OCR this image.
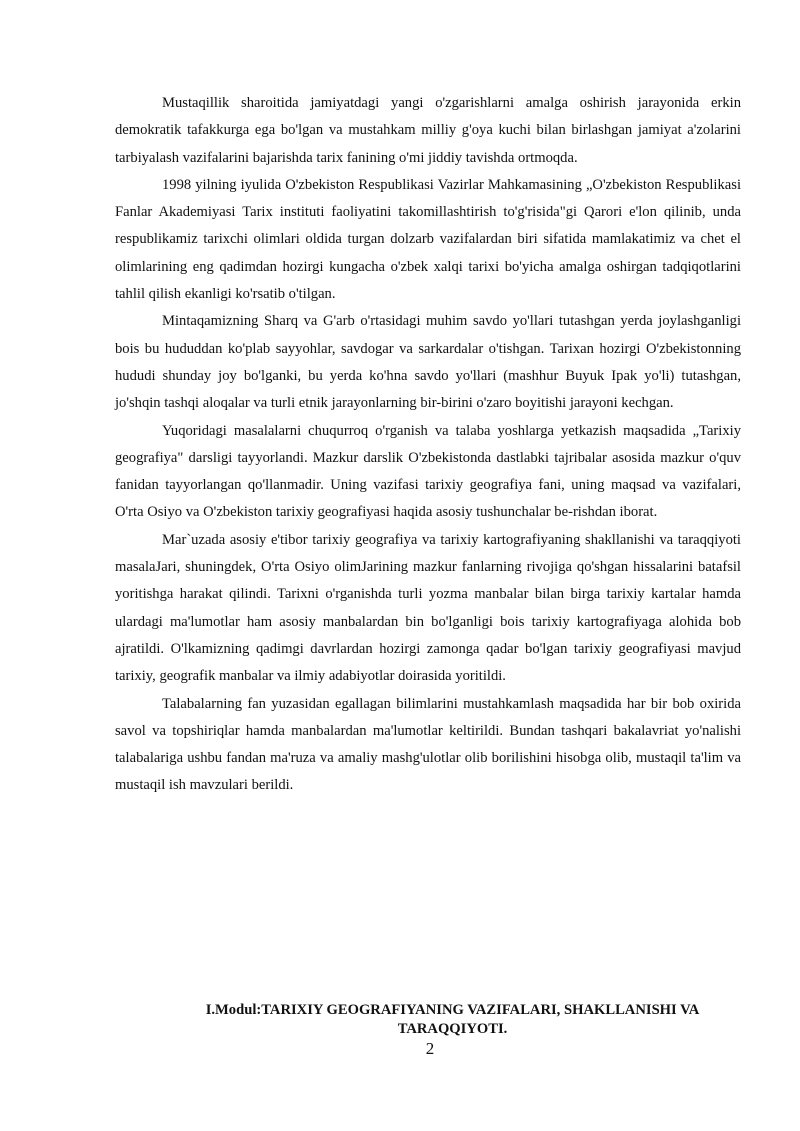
Mustaqillik sharoitida jamiyatdagi yangi o'zgarishlarni amalga oshirish jarayonida erkin demokratik tafakkurga ega bo'lgan va mustahkam milliy g'oya kuchi bilan birlashgan jamiyat a'zolarini tarbiyalash vazifalarini bajarishda tarix fanining o'mi jiddiy tavishda ortmoqda.

1998 yilning iyulida O'zbekiston Respublikasi Vazirlar Mahkamasining „O'zbekiston Respublikasi Fanlar Akademiyasi Tarix instituti faoliyatini takomillashtirish to'g'risida"gi Qarori e'lon qilinib, unda respublikamiz tarixchi olimlari oldida turgan dolzarb vazifalardan biri sifatida mamlakatimiz va chet el olimlarining eng qadimdan hozirgi kungacha o'zbek xalqi tarixi bo'yicha amalga oshirgan tadqiqotlarini tahlil qilish ekanligi ko'rsatib o'tilgan.

Mintaqamizning Sharq va G'arb o'rtasidagi muhim savdo yo'llari tutashgan yerda joylashganligi bois bu hududdan ko'plab sayyohlar, savdogar va sarkardalar o'tishgan. Tarixan hozirgi O'zbekistonning hududi shunday joy bo'lganki, bu yerda ko'hna savdo yo'llari (mashhur Buyuk Ipak yo'li) tutashgan, jo'shqin tashqi aloqalar va turli etnik jarayonlarning bir-birini o'zaro boyitishi jarayoni kechgan.

Yuqoridagi masalalarni chuqurroq o'rganish va talaba yoshlarga yetkazish maqsadida „Tarixiy geografiya" darsligi tayyorlandi. Mazkur darslik O'zbekistonda dastlabki tajribalar asosida mazkur o'quv fanidan tayyorlangan qo'llanmadir. Uning vazifasi tarixiy geografiya fani, uning maqsad va vazifalari, O'rta Osiyo va O'zbekiston tarixiy geografiyasi haqida asosiy tushunchalar be-rishdan iborat.

Mar`uzada asosiy e'tibor tarixiy geografiya va tarixiy kartografiyaning shakllanishi va taraqqiyoti masalaJari, shuningdek, O'rta Osiyo olimJarining mazkur fanlarning rivojiga qo'shgan hissalarini batafsil yoritishga harakat qilindi. Tarixni o'rganishda turli yozma manbalar bilan birga tarixiy kartalar hamda ulardagi ma'lumotlar ham asosiy manbalardan bin bo'lganligi bois tarixiy kartografiyaga alohida bob ajratildi. O'lkamizning qadimgi davrlardan hozirgi zamonga qadar bo'lgan tarixiy geografiyasi mavjud tarixiy, geografik manbalar va ilmiy adabiyotlar doirasida yoritildi.

Talabalarning fan yuzasidan egallagan bilimlarini mustahkamlash maqsadida har bir bob oxirida savol va topshiriqlar hamda manbalardan ma'lumotlar keltirildi. Bundan tashqari bakalavriat yo'nalishi talabalariga ushbu fandan ma'ruza va amaliy mashg'ulotlar olib borilishini hisobga olib, mustaqil ta'lim va mustaqil ish mavzulari berildi.

I.Modul:TARIXIY GEOGRAFIYANING VAZIFALARI, SHAKLLANISHI VA
TARAQQIYOTI.
2
